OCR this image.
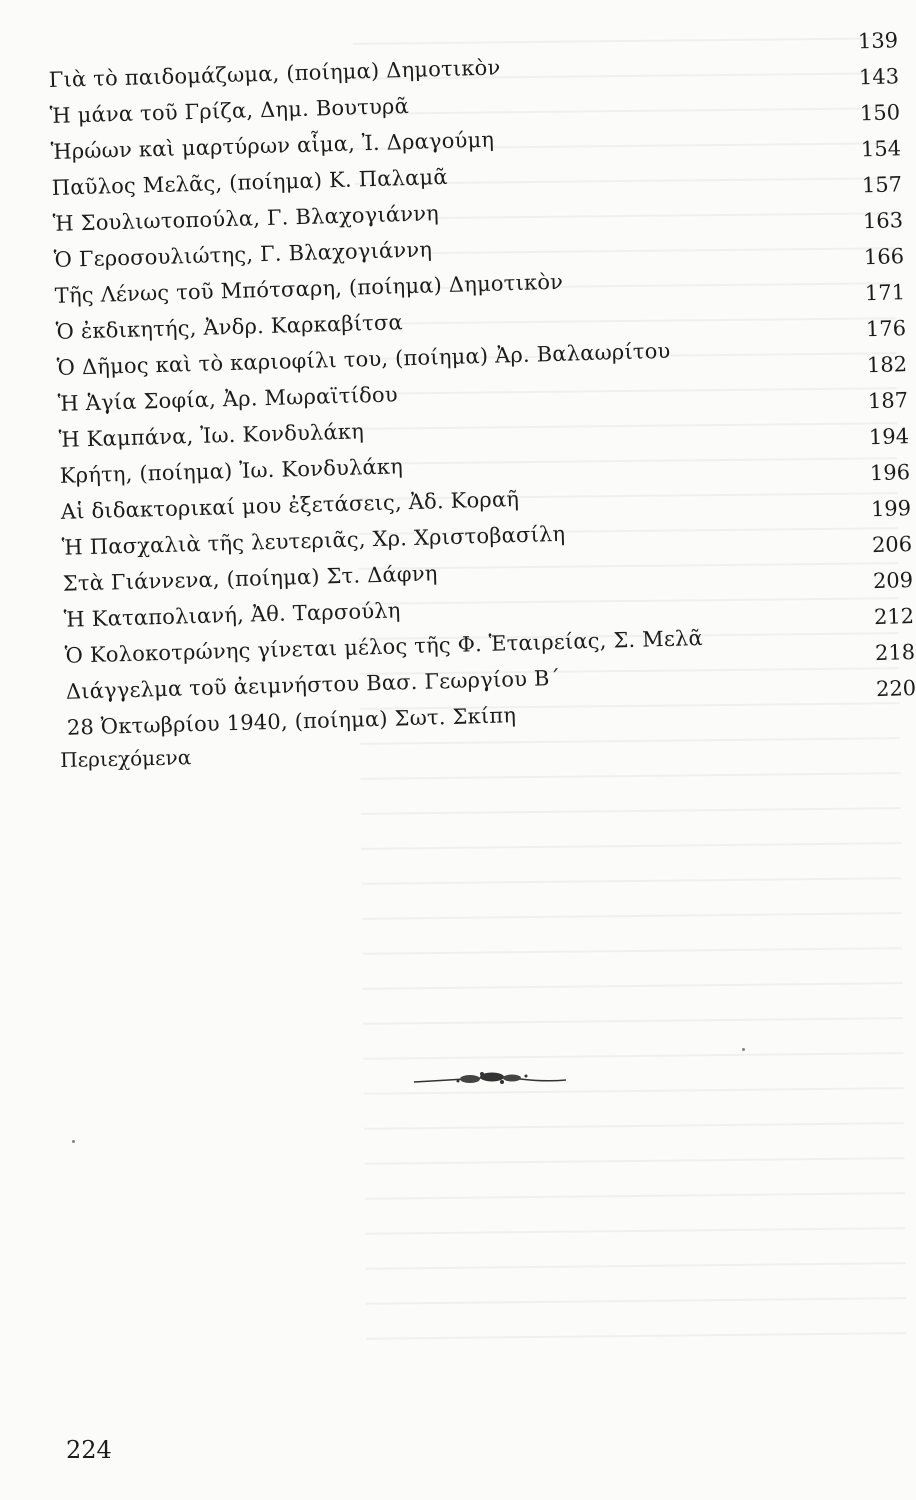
Γιὰ τὸ παιδομάζωμα, (ποίημα) Δημοτικὸν
139
Ἡ μάνα τοῦ Γρίζα, Δημ. Βουτυρᾶ
143
Ἡρώων καὶ μαρτύρων αἷμα, Ἰ. Δραγούμη
150
Παῦλος Μελᾶς, (ποίημα) Κ. Παλαμᾶ
154
Ἡ Σουλιωτοπούλα, Γ. Βλαχογιάννη
157
Ὁ Γεροσουλιώτης, Γ. Βλαχογιάννη
163
Τῆς Λένως τοῦ Μπότσαρη, (ποίημα) Δημοτικὸν
166
Ὁ ἐκδικητής, Ἀνδρ. Καρκαβίτσα
171
Ὁ Δῆμος καὶ τὸ καριοφίλι του, (ποίημα) Ἀρ. Βαλαωρίτου
176
Ἡ Ἁγία Σοφία, Ἀρ. Μωραϊτίδου
182
Ἡ Καμπάνα, Ἰω. Κονδυλάκη
187
Κρήτη, (ποίημα) Ἰω. Κονδυλάκη
194
Αἱ διδακτορικαί μου ἐξετάσεις, Ἀδ. Κοραῆ
196
Ἡ Πασχαλιὰ τῆς λευτεριᾶς, Χρ. Χριστοβασίλη
199
Στὰ Γιάννενα, (ποίημα) Στ. Δάφνη
206
Ἡ Καταπολιανή, Ἀθ. Ταρσούλη
209
Ὁ Κολοκοτρώνης γίνεται μέλος τῆς Φ. Ἑταιρείας, Σ. Μελᾶ
212
Διάγγελμα τοῦ ἀειμνήστου Βασ. Γεωργίου Β΄
218
28 Ὀκτωβρίου 1940, (ποίημα) Σωτ. Σκίπη
220
Περιεχόμενα
224
